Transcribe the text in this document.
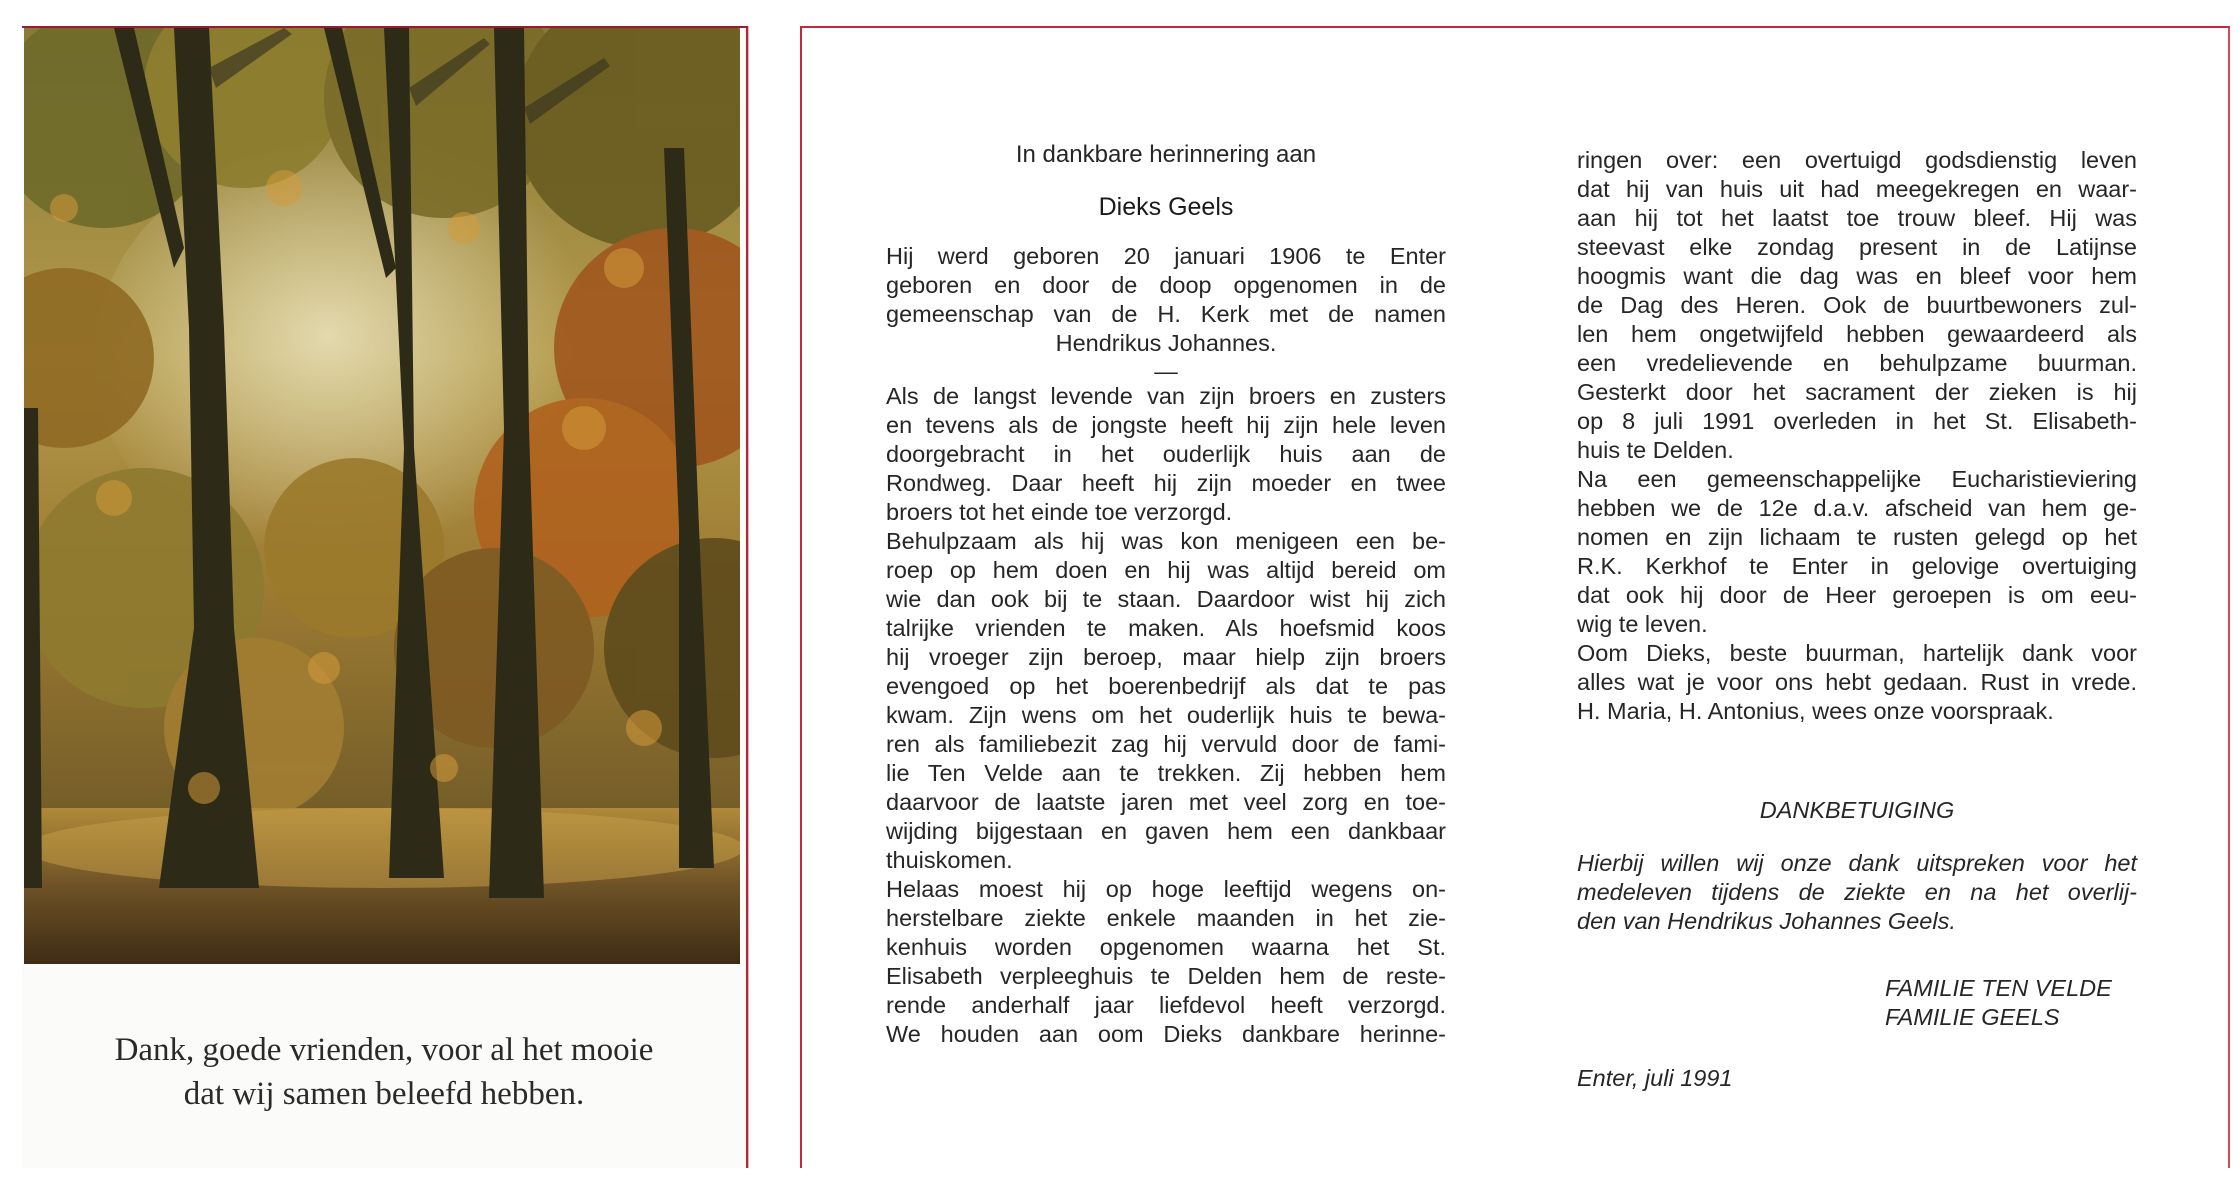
Dank, goede vrienden, voor al het mooie
dat wij samen beleefd hebben.
In dankbare herinnering aan
Dieks Geels
Hij werd geboren 20 januari 1906 te Enter
geboren en door de doop opgenomen in de
gemeenschap van de H. Kerk met de namen
Hendrikus Johannes.
—
Als de langst levende van zijn broers en zusters
en tevens als de jongste heeft hij zijn hele leven
doorgebracht in het ouderlijk huis aan de
Rondweg. Daar heeft hij zijn moeder en twee
broers tot het einde toe verzorgd.
Behulpzaam als hij was kon menigeen een be-
roep op hem doen en hij was altijd bereid om
wie dan ook bij te staan. Daardoor wist hij zich
talrijke vrienden te maken. Als hoefsmid koos
hij vroeger zijn beroep, maar hielp zijn broers
evengoed op het boerenbedrijf als dat te pas
kwam. Zijn wens om het ouderlijk huis te bewa-
ren als familiebezit zag hij vervuld door de fami-
lie Ten Velde aan te trekken. Zij hebben hem
daarvoor de laatste jaren met veel zorg en toe-
wijding bijgestaan en gaven hem een dankbaar
thuiskomen.
Helaas moest hij op hoge leeftijd wegens on-
herstelbare ziekte enkele maanden in het zie-
kenhuis worden opgenomen waarna het St.
Elisabeth verpleeghuis te Delden hem de reste-
rende anderhalf jaar liefdevol heeft verzorgd.
We houden aan oom Dieks dankbare herinne-
ringen over: een overtuigd godsdienstig leven
dat hij van huis uit had meegekregen en waar-
aan hij tot het laatst toe trouw bleef. Hij was
steevast elke zondag present in de Latijnse
hoogmis want die dag was en bleef voor hem
de Dag des Heren. Ook de buurtbewoners zul-
len hem ongetwijfeld hebben gewaardeerd als
een vredelievende en behulpzame buurman.
Gesterkt door het sacrament der zieken is hij
op 8 juli 1991 overleden in het St. Elisabeth-
huis te Delden.
Na een gemeenschappelijke Eucharistieviering
hebben we de 12e d.a.v. afscheid van hem ge-
nomen en zijn lichaam te rusten gelegd op het
R.K. Kerkhof te Enter in gelovige overtuiging
dat ook hij door de Heer geroepen is om eeu-
wig te leven.
Oom Dieks, beste buurman, hartelijk dank voor
alles wat je voor ons hebt gedaan. Rust in vrede.
H. Maria, H. Antonius, wees onze voorspraak.
DANKBETUIGING
Hierbij willen wij onze dank uitspreken voor het
medeleven tijdens de ziekte en na het overlij-
den van Hendrikus Johannes Geels.
FAMILIE TEN VELDE
FAMILIE GEELS
Enter, juli 1991
